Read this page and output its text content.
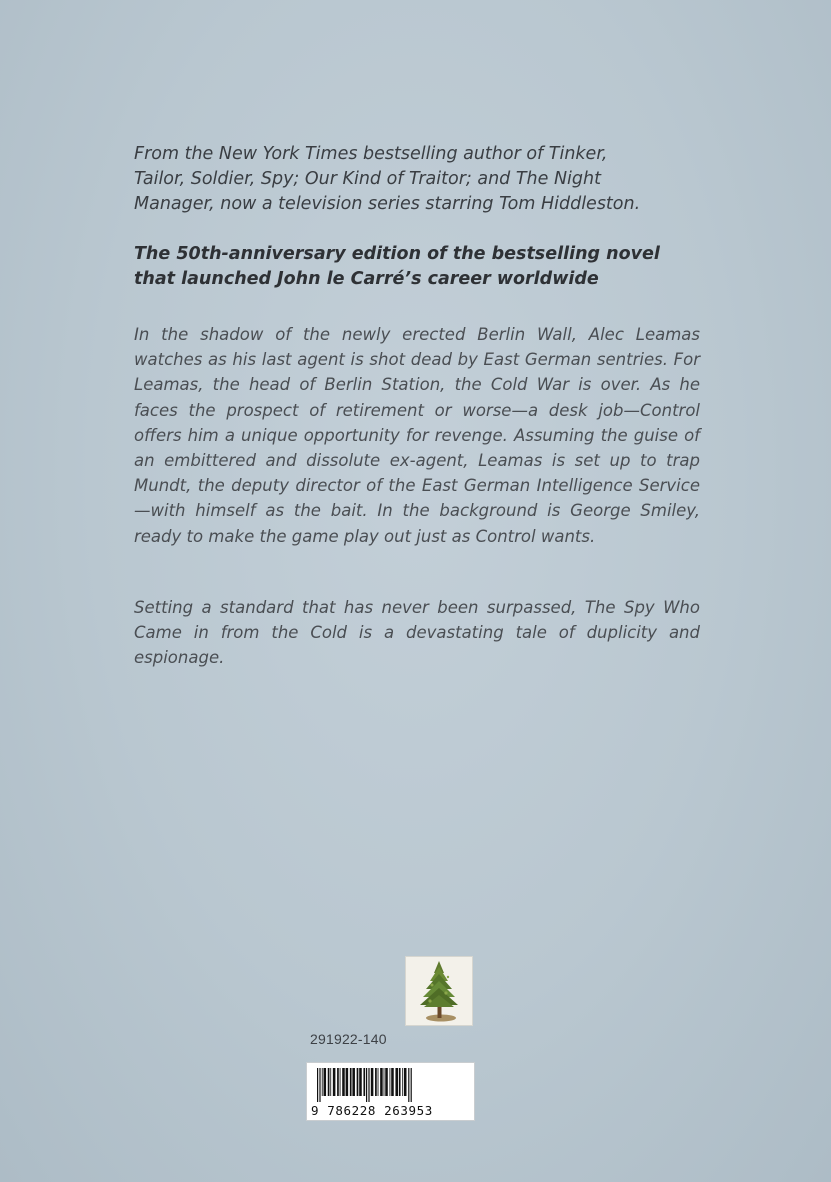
From the New York Times bestselling author of Tinker,
Tailor, Soldier, Spy; Our Kind of Traitor; and The Night
Manager, now a television series starring Tom Hiddleston.
The 50th-anniversary edition of the bestselling novel
that launched John le Carré’s career worldwide
In the shadow of the newly erected Berlin Wall, Alec Leamas watches as his last agent is shot dead by East German sentries. For Leamas, the head of Berlin Station, the Cold War is over. As he faces the prospect of retirement or worse—a desk job—Control offers him a unique opportunity for revenge. Assuming the guise of an embittered and dissolute ex-agent, Leamas is set up to trap Mundt, the deputy director of the East German Intelligence Service—with himself as the bait. In the background is George Smiley, ready to make the game play out just as Control wants.
Setting a standard that has never been surpassed, The Spy Who Came in from the Cold is a devastating tale of duplicity and espionage.
291922-140
9 786228 263953
